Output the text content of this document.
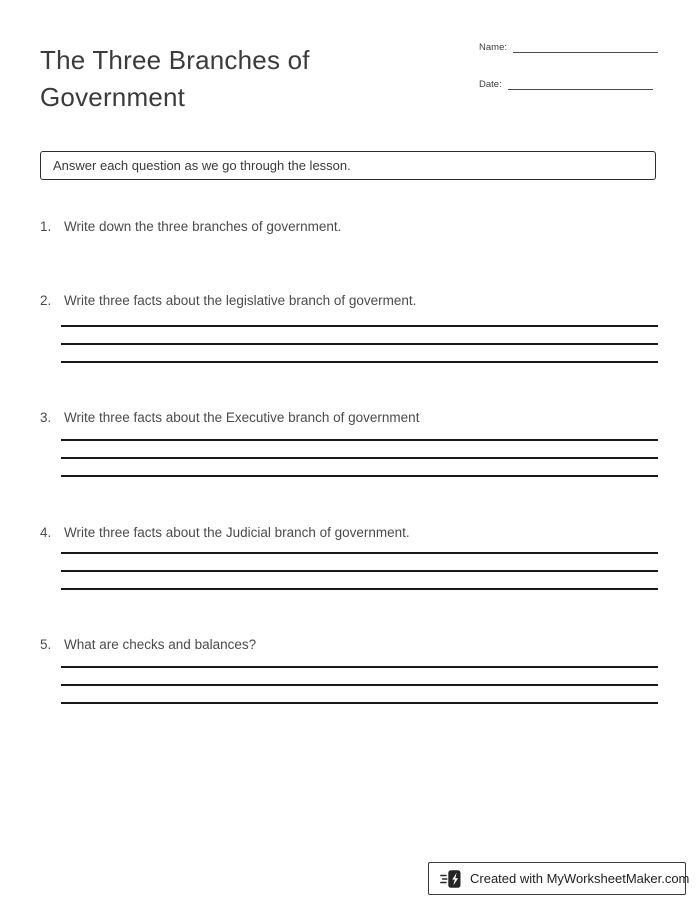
The Three Branches of
Government
Name:
Date:
Answer each question as we go through the lesson.
1. Write down the three branches of government.
2. Write three facts about the legislative branch of goverment.
3. Write three facts about the Executive branch of government
4. Write three facts about the Judicial branch of government.
5. What are checks and balances?
Created with MyWorksheetMaker.com
